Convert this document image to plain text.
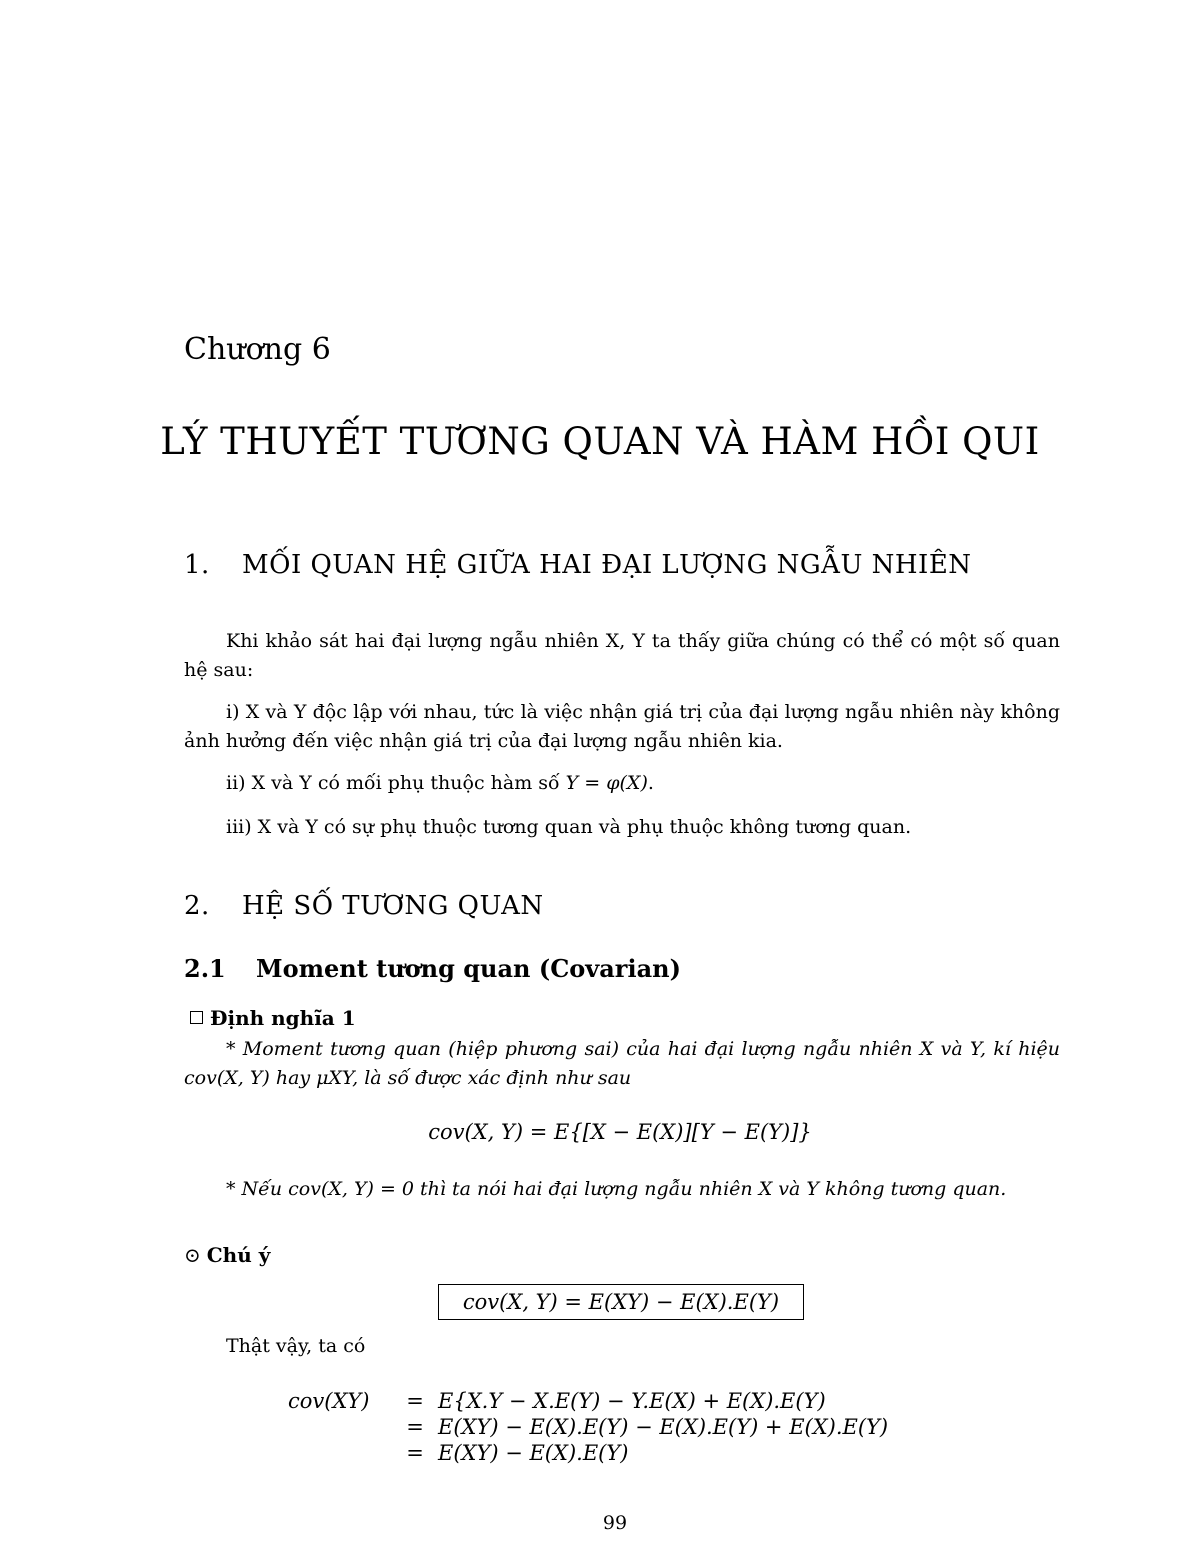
Chương 6
LÝ THUYẾT TƯƠNG QUAN VÀ HÀM HỒI QUI
1. MỐI QUAN HỆ GIỮA HAI ĐẠI LƯỢNG NGẪU NHIÊN
Khi khảo sát hai đại lượng ngẫu nhiên X, Y ta thấy giữa chúng có thể có một số quan hệ sau:
i) X và Y độc lập với nhau, tức là việc nhận giá trị của đại lượng ngẫu nhiên này không ảnh hưởng đến việc nhận giá trị của đại lượng ngẫu nhiên kia.
ii) X và Y có mối phụ thuộc hàm số Y = φ(X).
iii) X và Y có sự phụ thuộc tương quan và phụ thuộc không tương quan.
2. HỆ SỐ TƯƠNG QUAN
2.1 Moment tương quan (Covarian)
Định nghĩa 1
* Moment tương quan (hiệp phương sai) của hai đại lượng ngẫu nhiên X và Y, kí hiệu cov(X, Y) hay μXY, là số được xác định như sau
cov(X, Y) = E{[X − E(X)][Y − E(Y)]}
* Nếu cov(X, Y) = 0 thì ta nói hai đại lượng ngẫu nhiên X và Y không tương quan.
⊙ Chú ý
cov(X, Y) = E(XY) − E(X).E(Y)
Thật vậy, ta có
cov(XY)	=	E{X.Y − X.E(Y) − Y.E(X) + E(X).E(Y)
	=	E(XY) − E(X).E(Y) − E(X).E(Y) + E(X).E(Y)
	=	E(XY) − E(X).E(Y)
99
